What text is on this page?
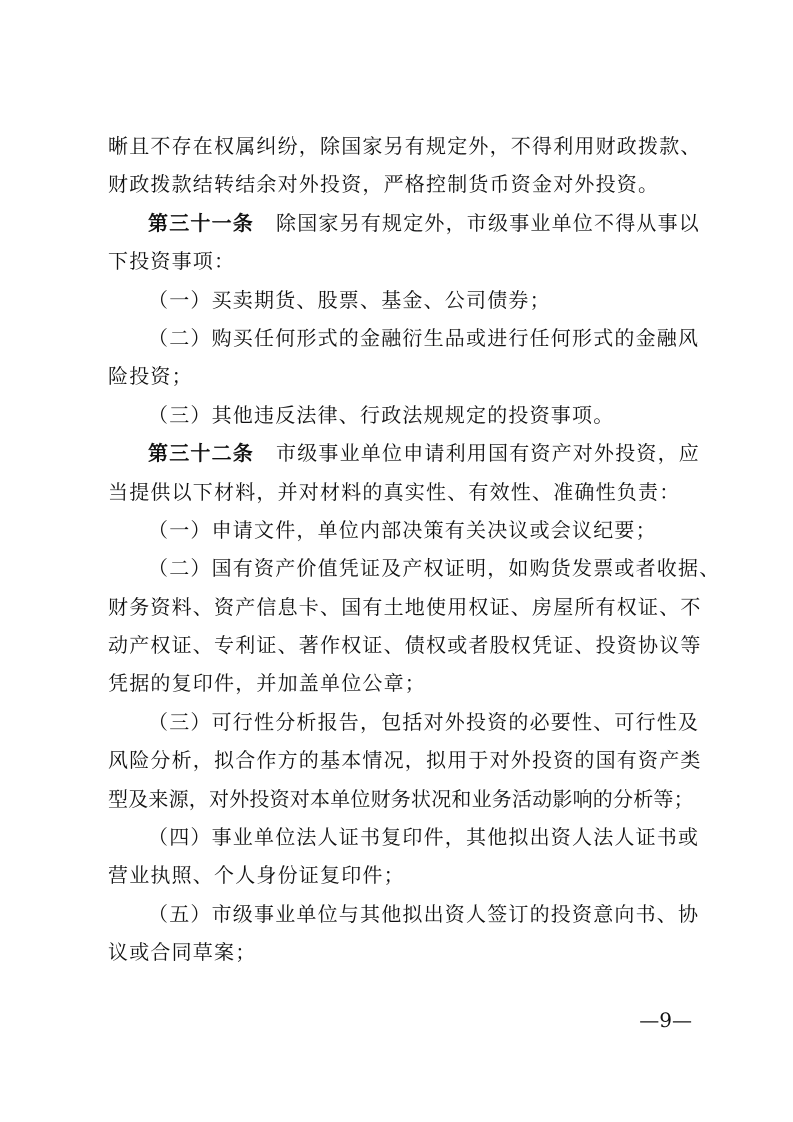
晰且不存在权属纠纷，除国家另有规定外，不得利用财政拨款、
财政拨款结转结余对外投资，严格控制货币资金对外投资。
第三十一条 除国家另有规定外，市级事业单位不得从事以
下投资事项：
（一）买卖期货、股票、基金、公司债券；
（二）购买任何形式的金融衍生品或进行任何形式的金融风
险投资；
（三）其他违反法律、行政法规规定的投资事项。
第三十二条 市级事业单位申请利用国有资产对外投资，应
当提供以下材料，并对材料的真实性、有效性、准确性负责：
（一）申请文件，单位内部决策有关决议或会议纪要；
（二）国有资产价值凭证及产权证明，如购货发票或者收据、
财务资料、资产信息卡、国有土地使用权证、房屋所有权证、不
动产权证、专利证、著作权证、债权或者股权凭证、投资协议等
凭据的复印件，并加盖单位公章；
（三）可行性分析报告，包括对外投资的必要性、可行性及
风险分析，拟合作方的基本情况，拟用于对外投资的国有资产类
型及来源，对外投资对本单位财务状况和业务活动影响的分析等；
（四）事业单位法人证书复印件，其他拟出资人法人证书或
营业执照、个人身份证复印件；
（五）市级事业单位与其他拟出资人签订的投资意向书、协
议或合同草案；
—9—
